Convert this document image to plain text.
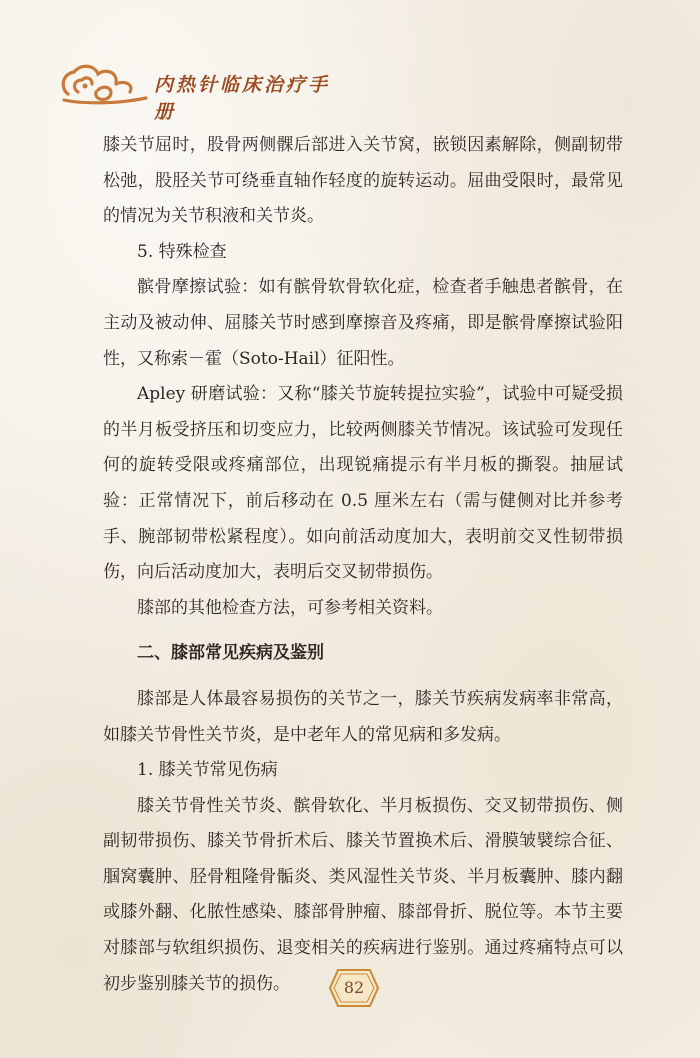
内热针临床治疗手册

膝关节屈时，股骨两侧髁后部进入关节窝，嵌锁因素解除，侧副韧带松弛，股胫关节可绕垂直轴作轻度的旋转运动。屈曲受限时，最常见的情况为关节积液和关节炎。

5. 特殊检查

髌骨摩擦试验：如有髌骨软骨软化症，检查者手触患者髌骨，在主动及被动伸、屈膝关节时感到摩擦音及疼痛，即是髌骨摩擦试验阳性，又称索－霍（Soto-Hail）征阳性。

Apley 研磨试验：又称“膝关节旋转提拉实验”，试验中可疑受损的半月板受挤压和切变应力，比较两侧膝关节情况。该试验可发现任何的旋转受限或疼痛部位，出现锐痛提示有半月板的撕裂。抽屉试验：正常情况下，前后移动在 0.5 厘米左右（需与健侧对比并参考手、腕部韧带松紧程度）。如向前活动度加大，表明前交叉性韧带损伤，向后活动度加大，表明后交叉韧带损伤。

膝部的其他检查方法，可参考相关资料。

二、膝部常见疾病及鉴别

膝部是人体最容易损伤的关节之一，膝关节疾病发病率非常高，如膝关节骨性关节炎，是中老年人的常见病和多发病。

1. 膝关节常见伤病

膝关节骨性关节炎、髌骨软化、半月板损伤、交叉韧带损伤、侧副韧带损伤、膝关节骨折术后、膝关节置换术后、滑膜皱襞综合征、腘窝囊肿、胫骨粗隆骨骺炎、类风湿性关节炎、半月板囊肿、膝内翻或膝外翻、化脓性感染、膝部骨肿瘤、膝部骨折、脱位等。本节主要对膝部与软组织损伤、退变相关的疾病进行鉴别。通过疼痛特点可以初步鉴别膝关节的损伤。	82
